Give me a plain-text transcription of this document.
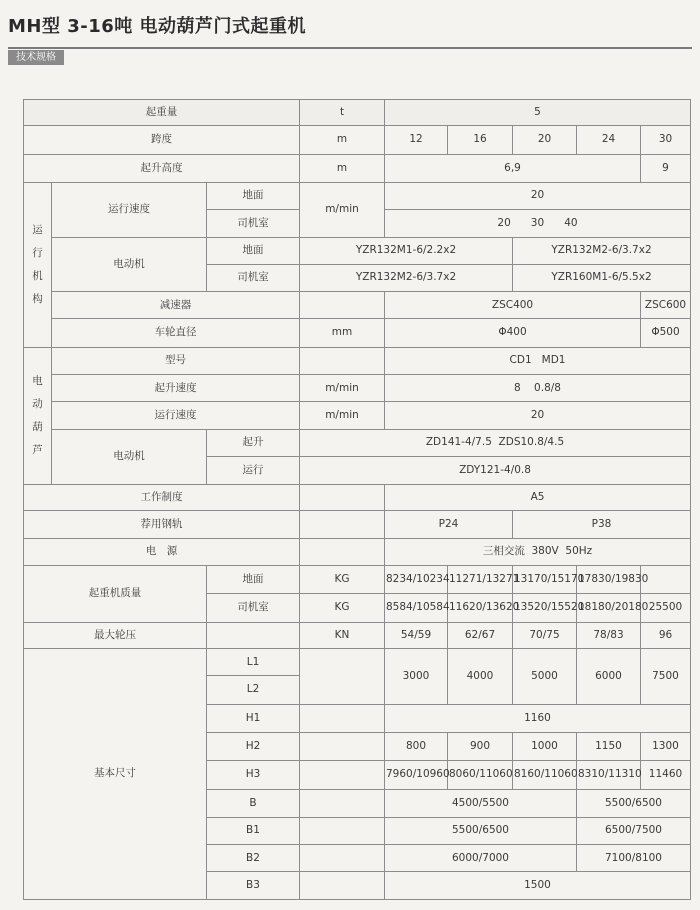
MH型 3-16吨 电动葫芦门式起重机
技术规格
起重量			t	5				
跨度			m	12	16	20	24	30
起升高度			m	6,9				9

运行机构	运行速度	地面	m/min	20				
		司机室		20      30      40				
	电动机	地面	YZR132M1-6/2.2x2			YZR132M2-6/3.7x2		
		司机室	YZR132M2-6/3.7x2			YZR160M1-6/5.5x2		
	减速器			ZSC400				ZSC600
	车轮直径		mm	Φ400				Φ500

电动葫芦	型号			CD1   MD1				
	起升速度		m/min	8    0.8/8				
	运行速度		m/min	20				
	电动机	起升	ZD141-4/7.5  ZDS10.8/4.5					
		运行	ZDY121-4/0.8					
工作制度				A5				
荐用钢轨				P24		P38		
电　源				三相交流  380V  50Hz				
起重机质量		地面	KG	8234/10234	11271/13271	13170/15170	17830/19830	
		司机室	KG	8584/10584	11620/13620	13520/15520	18180/20180	25500
最大轮压			KN	54/59	62/67	70/75	78/83	96
基本尺寸		L1		3000	4000	5000	6000	7500
		L2						
		H1		1160				
		H2		800	900	1000	1150	1300
		H3		7960/10960	8060/11060	8160/11060	8310/11310	11460
		B		4500/5500			5500/6500	
		B1		5500/6500			6500/7500	
		B2		6000/7000			7100/8100	
		B3		1500				
